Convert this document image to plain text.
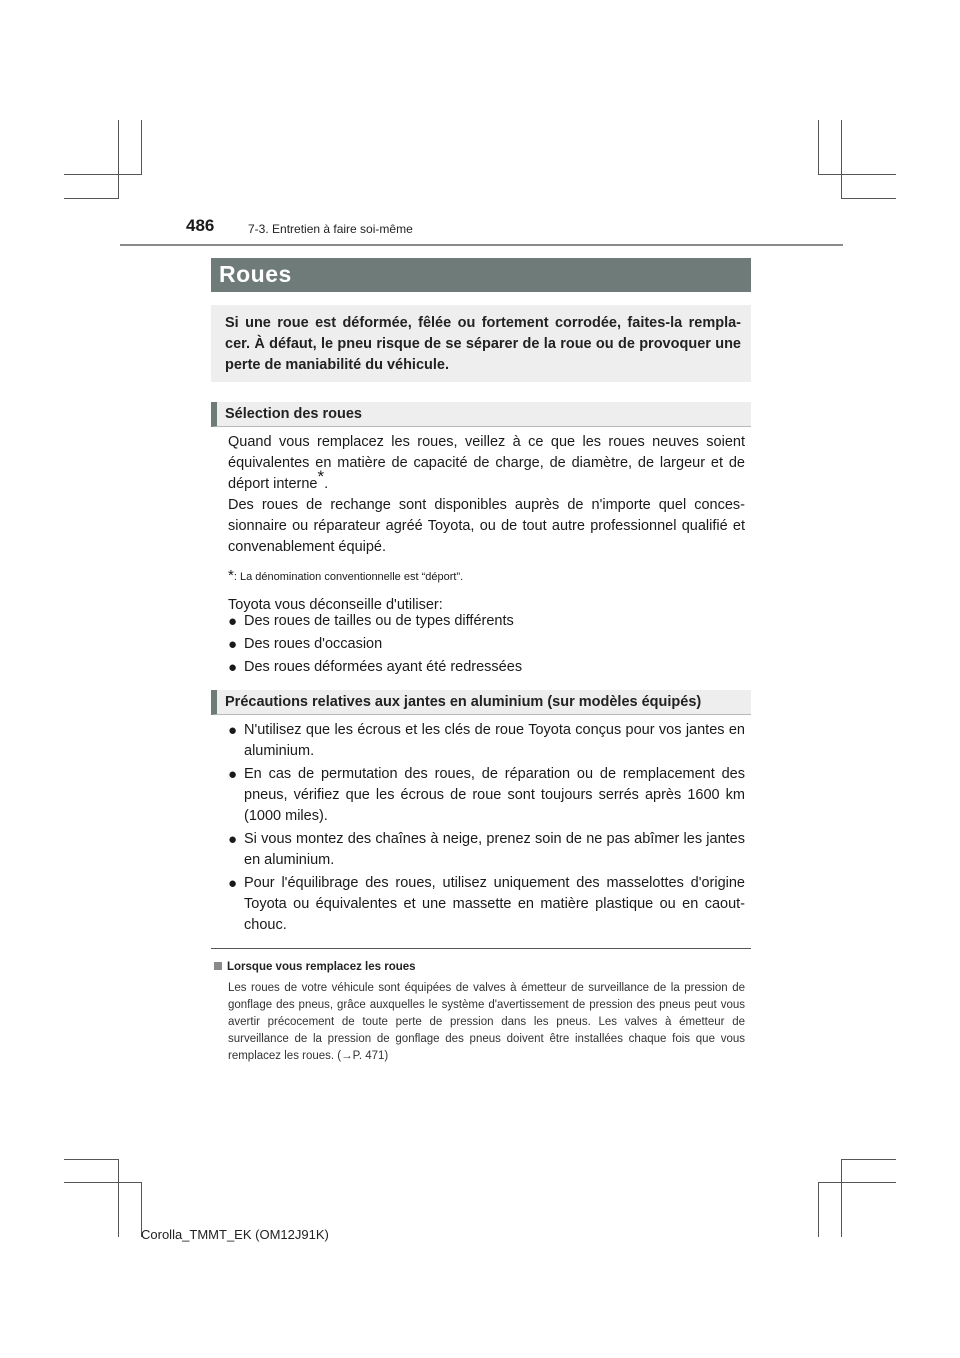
486	7-3. Entretien à faire soi-même
Roues
Si une roue est déformée, fêlée ou fortement corrodée, faites-la rempla-cer. À défaut, le pneu risque de se séparer de la roue ou de provoquer une perte de maniabilité du véhicule.
Sélection des roues

Quand vous remplacez les roues, veillez à ce que les roues neuves soient équivalentes en matière de capacité de charge, de diamètre, de largeur et de déport interne*.

Des roues de rechange sont disponibles auprès de n'importe quel conces-sionnaire ou réparateur agréé Toyota, ou de tout autre professionnel qualifié et convenablement équipé.

*: La dénomination conventionnelle est “déport”.

Toyota vous déconseille d'utiliser:

● Des roues de tailles ou de types différents
● Des roues d'occasion
● Des roues déformées ayant été redressées
Précautions relatives aux jantes en aluminium (sur modèles équipés)
● N'utilisez que les écrous et les clés de roue Toyota conçus pour vos jantes en aluminium.
● En cas de permutation des roues, de réparation ou de remplacement des pneus, vérifiez que les écrous de roue sont toujours serrés après 1600 km (1000 miles).
● Si vous montez des chaînes à neige, prenez soin de ne pas abîmer les jantes en aluminium.
● Pour l'équilibrage des roues, utilisez uniquement des masselottes d'origine Toyota ou équivalentes et une massette en matière plastique ou en caout-chouc.
Lorsque vous remplacez les roues
Les roues de votre véhicule sont équipées de valves à émetteur de surveillance de la pression de gonflage des pneus, grâce auxquelles le système d'avertissement de pression des pneus peut vous avertir précocement de toute perte de pression dans les pneus. Les valves à émetteur de surveillance de la pression de gonflage des pneus doivent être installées chaque fois que vous remplacez les roues. (→P. 471)
Corolla_TMMT_EK (OM12J91K)
